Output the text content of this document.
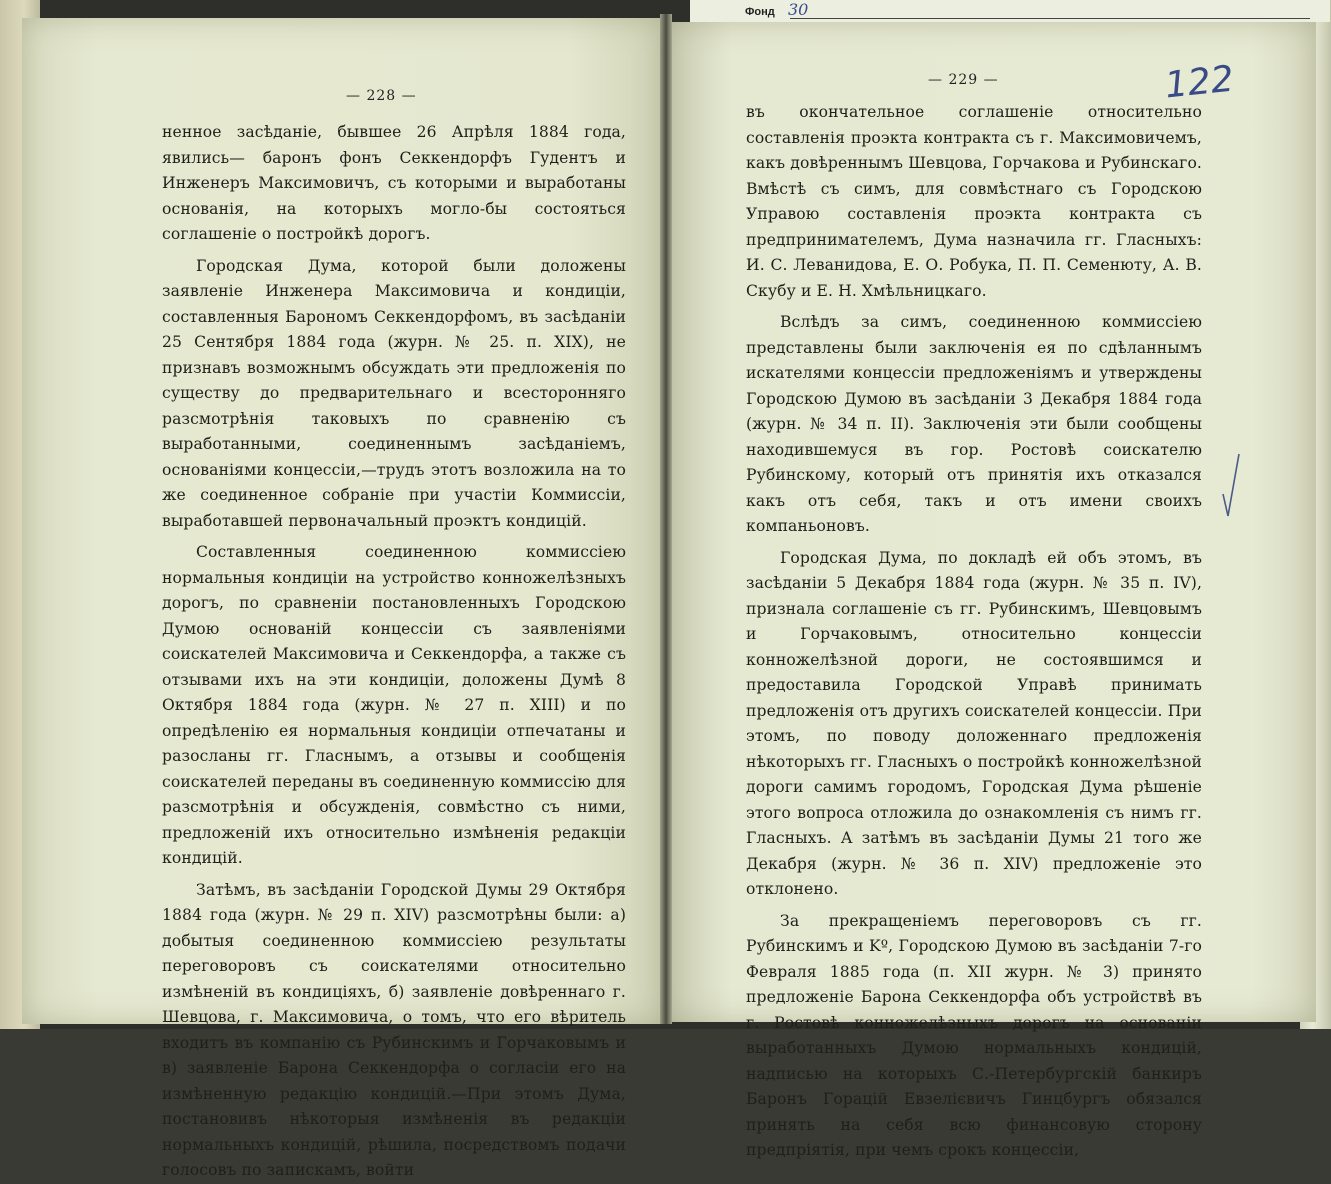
Фонд 30
— 228 —
— 229 —	122

ненное засѣданіе, бывшее 26 Апрѣля 1884 года, явились— баронъ фонъ Секкендорфъ Гудентъ и Инженеръ Максимовичъ, съ которыми и выработаны основанія, на которыхъ могло-бы состояться соглашеніе о постройкѣ дорогъ.

Городская Дума, которой были доложены заявленіе Инженера Максимовича и кондиціи, составленныя Барономъ Секкендорфомъ, въ засѣданіи 25 Сентября 1884 года (журн. № 25. п. XIX), не признавъ возможнымъ обсуждать эти предложенія по существу до предварительнаго и всесторонняго разсмотрѣнія таковыхъ по сравненію съ выработанными, соединеннымъ засѣданіемъ, основаніями концессіи,—трудъ этотъ возложила на то же соединенное собраніе при участіи Коммиссіи, выработавшей первоначальный проэктъ кондицій.

Составленныя соединенною коммиссіею нормальныя кондиціи на устройство конножелѣзныхъ дорогъ, по сравненіи постановленныхъ Городскою Думою основаній концессіи съ заявленіями соискателей Максимовича и Секкендорфа, а также съ отзывами ихъ на эти кондиціи, доложены Думѣ 8 Октября 1884 года (журн. № 27 п. XIII) и по опредѣленію ея нормальныя кондиціи отпечатаны и разосланы гг. Гласнымъ, а отзывы и сообщенія соискателей переданы въ соединенную коммиссію для разсмотрѣнія и обсужденія, совмѣстно съ ними, предложеній ихъ относительно измѣненія редакціи кондицій.

Затѣмъ, въ засѣданіи Городской Думы 29 Октября 1884 года (журн. № 29 п. XIV) разсмотрѣны были: а) добытыя соединенною коммиссіею результаты переговоровъ съ соискателями относительно измѣненій въ кондиціяхъ, б) заявленіе довѣреннаго г. Шевцова, г. Максимовича, о томъ, что его вѣритель входитъ въ компанію съ Рубинскимъ и Горчаковымъ и в) заявленіе Барона Секкендорфа о согласіи его на измѣненную редакцію кондицій.—При этомъ Дума, постановивъ нѣкоторыя измѣненія въ редакціи нормальныхъ кондицій, рѣшила, посредствомъ подачи голосовъ по запискамъ, войти

въ окончательное соглашеніе относительно составленія проэкта контракта съ г. Максимовичемъ, какъ довѣреннымъ Шевцова, Горчакова и Рубинскаго. Вмѣстѣ съ симъ, для совмѣстнаго съ Городскою Управою составленія проэкта контракта съ предпринимателемъ, Дума назначила гг. Гласныхъ: И. С. Леванидова, Е. О. Робука, П. П. Семенюту, А. В. Скубу и Е. Н. Хмѣльницкаго.

Вслѣдъ за симъ, соединенною коммиссіею представлены были заключенія ея по сдѣланнымъ искателями концессіи предложеніямъ и утверждены Городскою Думою въ засѣданіи 3 Декабря 1884 года (журн. № 34 п. II). Заключенія эти были сообщены находившемуся въ гор. Ростовѣ соискателю Рубинскому, который отъ принятія ихъ отказался какъ отъ себя, такъ и отъ имени своихъ компаньоновъ.

Городская Дума, по докладѣ ей объ этомъ, въ засѣданіи 5 Декабря 1884 года (журн. № 35 п. IV), признала соглашеніе съ гг. Рубинскимъ, Шевцовымъ и Горчаковымъ, относительно концессіи конножелѣзной дороги, не состоявшимся и предоставила Городской Управѣ принимать предложенія отъ другихъ соискателей концессіи. При этомъ, по поводу доложеннаго предложенія нѣкоторыхъ гг. Гласныхъ о постройкѣ конножелѣзной дороги самимъ городомъ, Городская Дума рѣшеніе этого вопроса отложила до ознакомленія съ нимъ гг. Гласныхъ. А затѣмъ въ засѣданіи Думы 21 того же Декабря (журн. № 36 п. XIV) предложеніе это отклонено.

За прекращеніемъ переговоровъ съ гг. Рубинскимъ и Kº, Городскою Думою въ засѣданіи 7-го Февраля 1885 года (п. XII журн. № 3) принято предложеніе Барона Секкендорфа объ устройствѣ въ г. Ростовѣ конножелѣзныхъ дорогъ на основаніи выработанныхъ Думою нормальныхъ кондицій, надписью на которыхъ С.-Петербургскій банкиръ Баронъ Горацій Евзелієвичъ Гинцбургъ обязался принять на себя всю финансовую сторону предпріятія, при чемъ срокъ концессіи,
